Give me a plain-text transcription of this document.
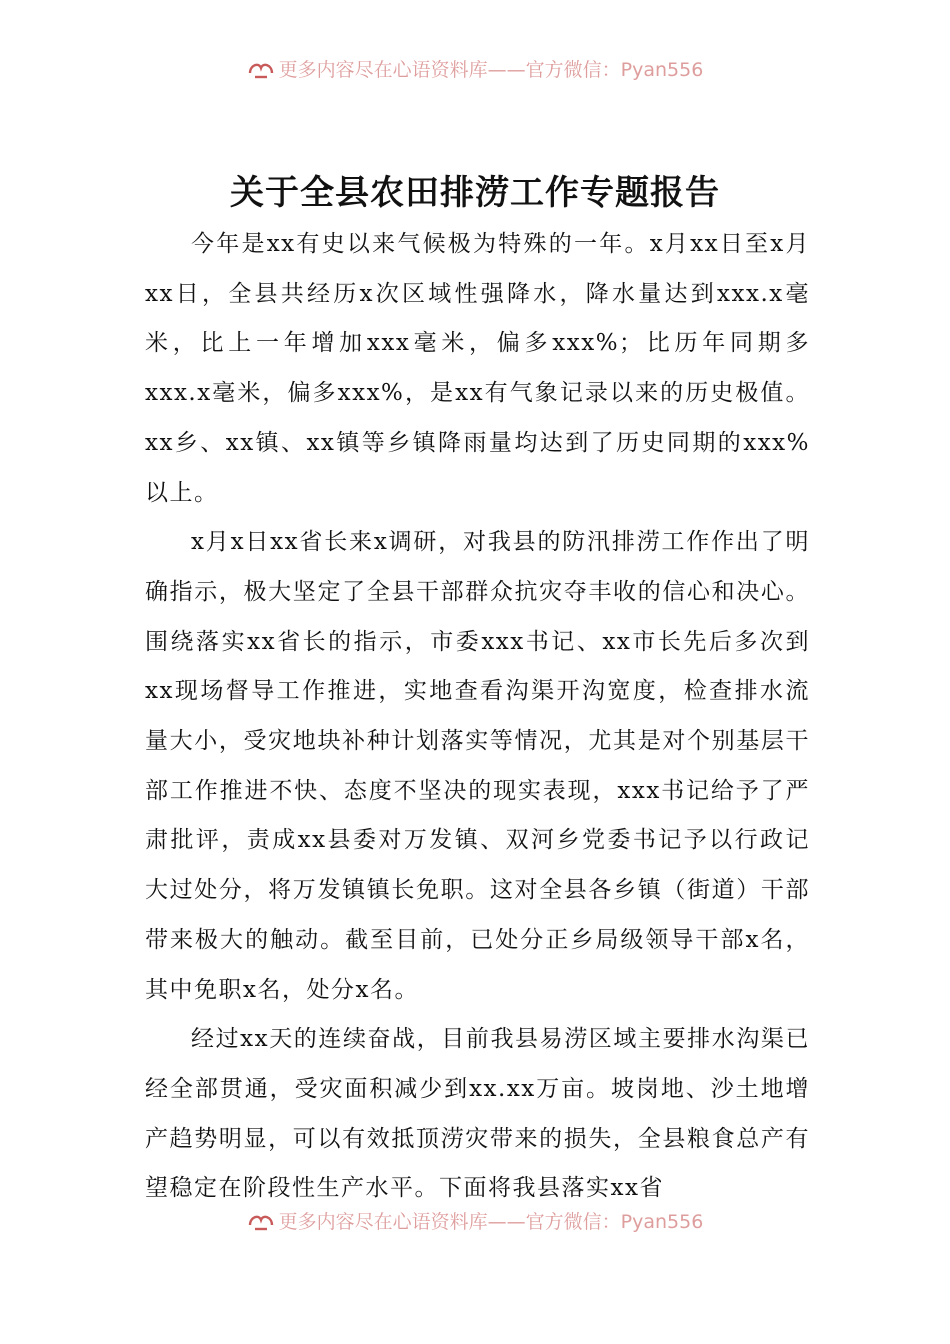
更多内容尽在心语资料库——官方微信：Pyan556
关于全县农田排涝工作专题报告

今年是xx有史以来气候极为特殊的一年。x月xx日至x月xx日，全县共经历x次区域性强降水，降水量达到xxx.x毫米，比上一年增加xxx毫米，偏多xxx%；比历年同期多xxx.x毫米，偏多xxx%，是xx有气象记录以来的历史极值。xx乡、xx镇、xx镇等乡镇降雨量均达到了历史同期的xxx%以上。

x月x日xx省长来x调研，对我县的防汛排涝工作作出了明确指示，极大坚定了全县干部群众抗灾夺丰收的信心和决心。围绕落实xx省长的指示，市委xxx书记、xx市长先后多次到xx现场督导工作推进，实地查看沟渠开沟宽度，检查排水流量大小，受灾地块补种计划落实等情况，尤其是对个别基层干部工作推进不快、态度不坚决的现实表现，xxx书记给予了严肃批评，责成xx县委对万发镇、双河乡党委书记予以行政记大过处分，将万发镇镇长免职。这对全县各乡镇（街道）干部带来极大的触动。截至目前，已处分正乡局级领导干部x名，其中免职x名，处分x名。

经过xx天的连续奋战，目前我县易涝区域主要排水沟渠已经全部贯通，受灾面积减少到xx.xx万亩。坡岗地、沙土地增产趋势明显，可以有效抵顶涝灾带来的损失，全县粮食总产有望稳定在阶段性生产水平。下面将我县落实xx省

更多内容尽在心语资料库——官方微信：Pyan556
